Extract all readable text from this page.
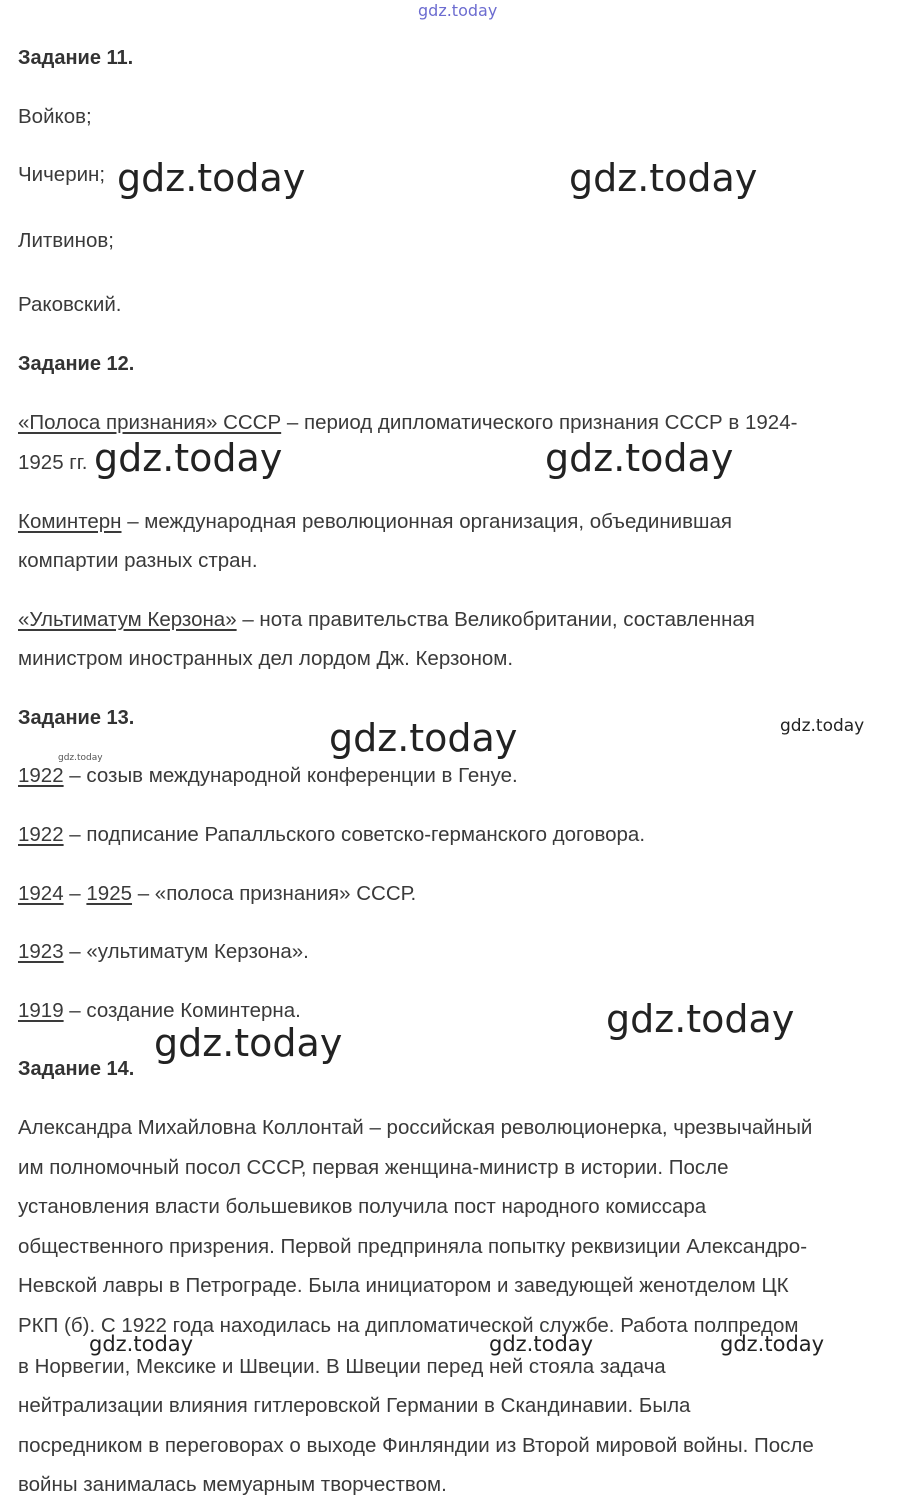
gdz.today
Задание 11.
Войков;
Чичерин;
Литвинов;
Раковский.
Задание 12.
«Полоса признания» СССР – период дипломатического признания СССР в 1924-
1925 гг.
Коминтерн – международная революционная организация, объединившая
компартии разных стран.
«Ультиматум Керзона» – нота правительства Великобритании, составленная
министром иностранных дел лордом Дж. Керзоном.
Задание 13.
1922 – созыв международной конференции в Генуе.
1922 – подписание Рапалльского советско-германского договора.
1924 – 1925 – «полоса признания» СССР.
1923 – «ультиматум Керзона».
1919 – создание Коминтерна.
Задание 14.
Александра Михайловна Коллонтай – российская революционерка, чрезвычайный
им полномочный посол СССР, первая женщина-министр в истории. После
установления власти большевиков получила пост народного комиссара
общественного призрения. Первой предприняла попытку реквизиции Александро-
Невской лавры в Петрограде. Была инициатором и заведующей женотделом ЦК
РКП (б). С 1922 года находилась на дипломатической службе. Работа полпредом
в Норвегии, Мексике и Швеции. В Швеции перед ней стояла задача
нейтрализации влияния гитлеровской Германии в Скандинавии. Была
посредником в переговорах о выходе Финляндии из Второй мировой войны. После
войны занималась мемуарным творчеством.
gdz.today	gdz.today
gdz.today	gdz.today
gdz.today	gdz.today
gdz.today
gdz.today
gdz.today
gdz.today	gdz.today	gdz.today
